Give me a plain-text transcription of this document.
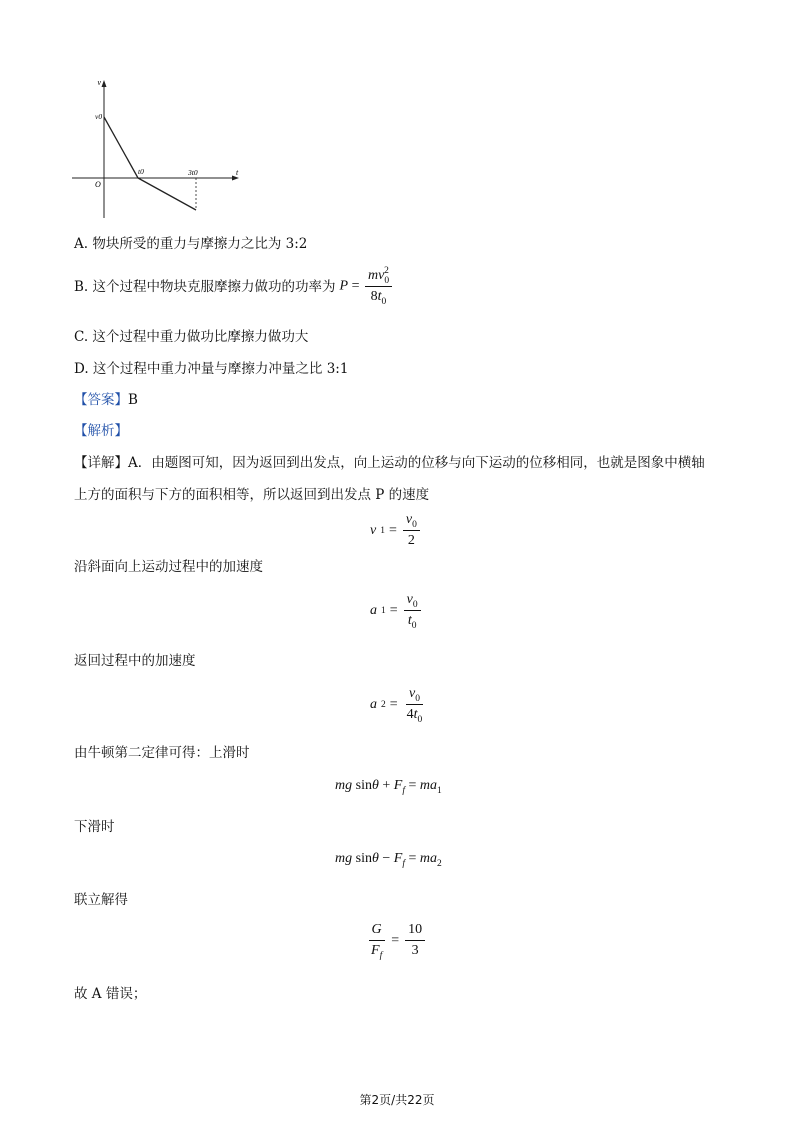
v
t
O
v0
t0	3t0
A. 物块所受的重力与摩擦力之比为 3:2
B. 这个过程中物块克服摩擦力做功的功率为 $P = \frac{mv_0^2}{8t_0}$
C. 这个过程中重力做功比摩擦力做功大
D. 这个过程中重力冲量与摩擦力冲量之比 3:1
【答案】B
【解析】
【详解】A．由题图可知，因为返回到出发点，向上运动的位移与向下运动的位移相同，也就是图象中横轴
上方的面积与下方的面积相等，所以返回到出发点 P 的速度
v $1 = \frac{v_0}{2}$
沿斜面向上运动过程中的加速度
a $1 = \frac{v_0}{t_0}$
返回过程中的加速度
a $2 = \frac{v_0}{4t_0}$
由牛顿第二定律可得：上滑时
mg $\sin\theta + F_f = ma_1$
下滑时
mg $\sin\theta - F_f = ma_2$
联立解得
$\frac{G}{F_f} = \frac{10}{3}$
故 A 错误；
第2页/共22页
